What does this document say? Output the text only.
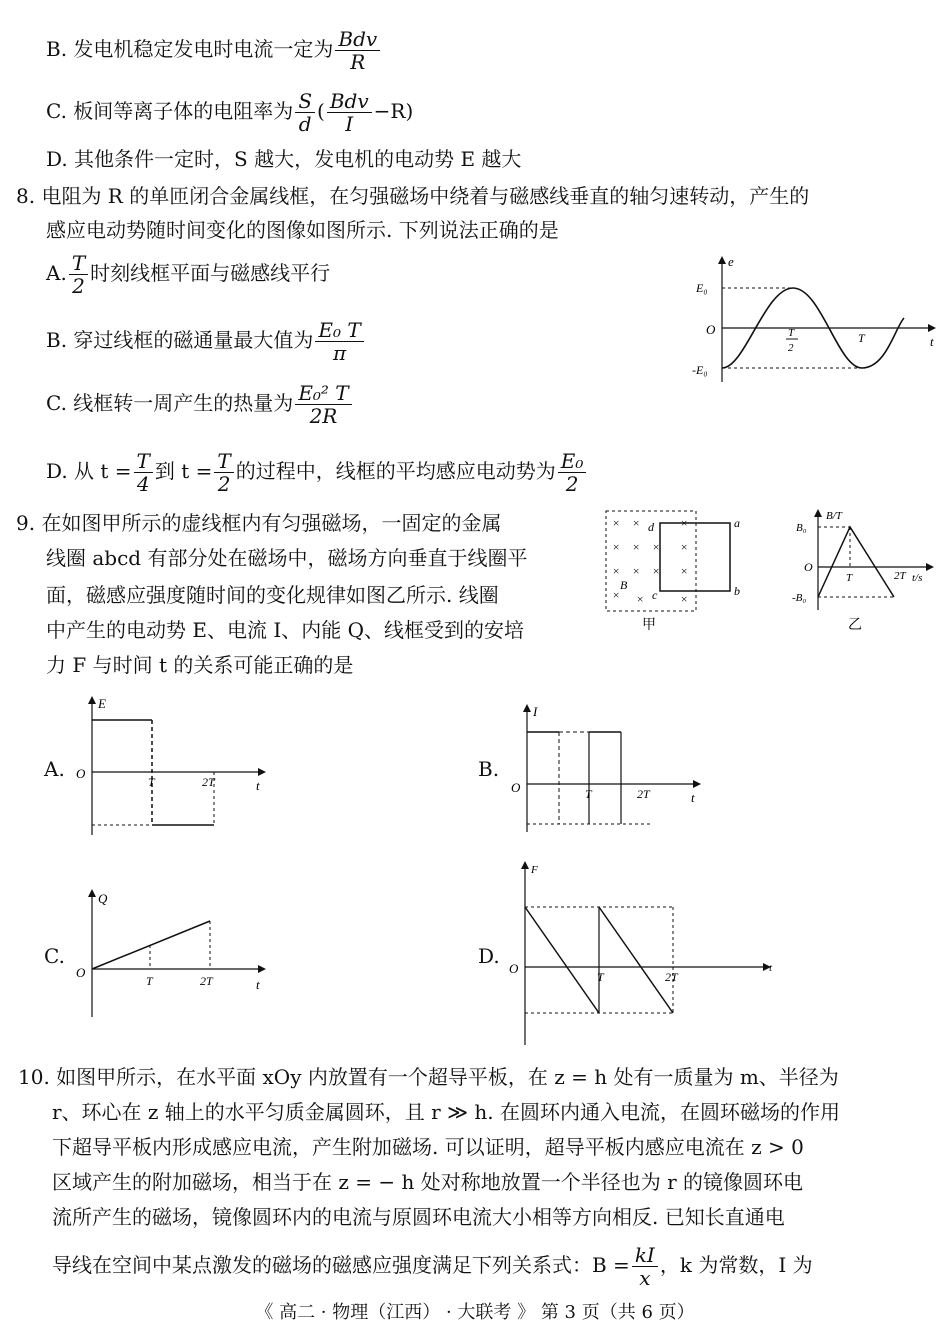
B. 发电机稳定发电时电流一定为 $\frac{\text{Bdv}}{R}$
C. 板间等离子体的电阻率为 $\frac{S}{d}$ ( $\frac{\text{Bdv}}{I} -R$)
D. 其他条件一定时，S 越大，发电机的电动势 E 越大
8. 电阻为 R 的单匝闭合金属线框，在匀强磁场中绕着与磁感线垂直的轴匀速转动，产生的
感应电动势随时间变化的图像如图所示. 下列说法正确的是
A. $\frac{T}{2}$ 时刻线框平面与磁感线平行
B. 穿过线框的磁通量最大值为 $\frac{\text{E₀ T}}{\pi}$
C. 线框转一周产生的热量为 $\frac{\text{E₀² T}}{2R}$
D. 从 $t = \frac{T}{4}$ 到 $t = \frac{T}{2}$ 的过程中，线框的平均感应电动势为 $\frac{\text{E₀}}{2}$
e
t
E₀
-E₀
O	T
2
T
9. 在如图甲所示的虚线框内有匀强磁场，一固定的金属
线圈 abcd 有部分处在磁场中，磁场方向垂直于线圈平
面，磁感应强度随时间的变化规律如图乙所示. 线圈
中产生的电动势 E、电流 I、内能 Q、线框受到的安培
力 F 与时间 t 的关系可能正确的是
× ×	×
× × × ×
× × × ×
× ×	×
a
b
c
d
B
甲
B/T
t/s
B₀
-B₀
O
T	2T
乙
A.
E
O
T	2T	t
B.
I
O	T	2T	t
C.
Q
O
T	2T	t
D.
F
O
T	2T
t
10. 如图甲所示，在水平面 xOy 内放置有一个超导平板，在 z = h 处有一质量为 m、半径为
r、环心在 z 轴上的水平匀质金属圆环，且 r ≫ h. 在圆环内通入电流，在圆环磁场的作用
下超导平板内形成感应电流，产生附加磁场. 可以证明，超导平板内感应电流在 z > 0
区域产生的附加磁场，相当于在 z = − h 处对称地放置一个半径也为 r 的镜像圆环电
流所产生的磁场，镜像圆环内的电流与原圆环电流大小相等方向相反. 已知长直通电
导线在空间中某点激发的磁场的磁感应强度满足下列关系式：$B = \frac{kI}{x}$ ，k 为常数，I 为
《 高二 · 物理（江西） · 大联考 》 第 3 页（共 6 页）
